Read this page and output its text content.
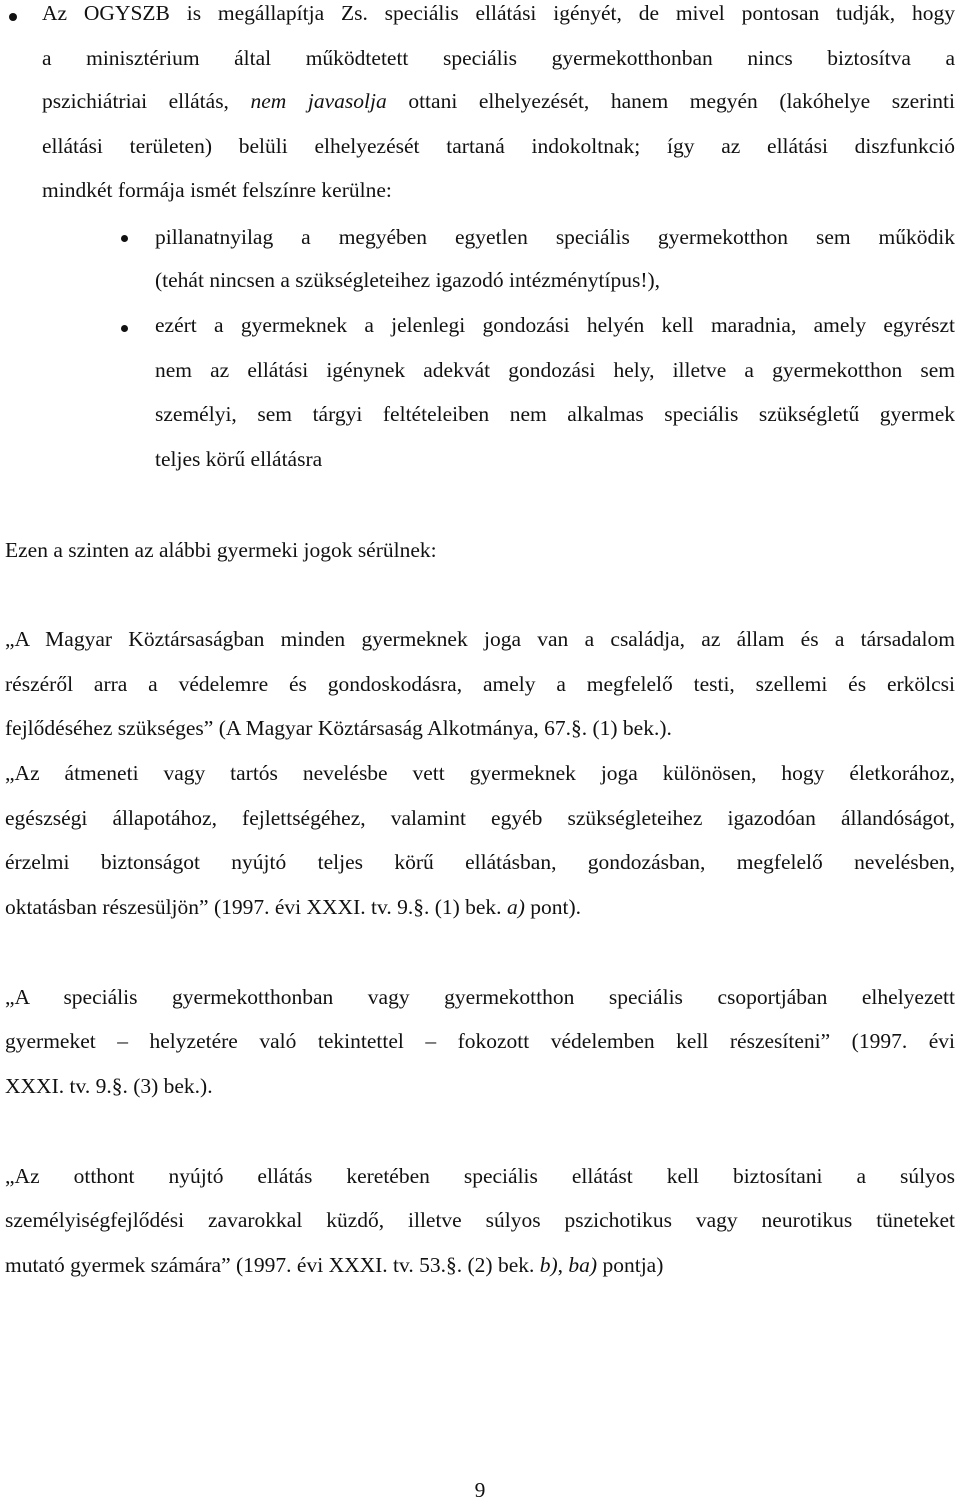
Az OGYSZB is megállapítja Zs. speciális ellátási igényét, de mivel pontosan tudják, hogy
a minisztérium által működtetett speciális gyermekotthonban nincs biztosítva a
pszichiátriai ellátás, nem javasolja ottani elhelyezését, hanem megyén (lakóhelye szerinti
ellátási területen) belüli elhelyezését tartaná indokoltnak; így az ellátási diszfunkció
mindkét formája ismét felszínre kerülne:
pillanatnyilag a megyében egyetlen speciális gyermekotthon sem működik
(tehát nincsen a szükségleteihez igazodó intézménytípus!),
ezért a gyermeknek a jelenlegi gondozási helyén kell maradnia, amely egyrészt
nem az ellátási igénynek adekvát gondozási hely, illetve a gyermekotthon sem
személyi, sem tárgyi feltételeiben nem alkalmas speciális szükségletű gyermek
teljes körű ellátásra
Ezen a szinten az alábbi gyermeki jogok sérülnek:
„A Magyar Köztársaságban minden gyermeknek joga van a családja, az állam és a társadalom
részéről arra a védelemre és gondoskodásra, amely a megfelelő testi, szellemi és erkölcsi
fejlődéséhez szükséges” (A Magyar Köztársaság Alkotmánya, 67.§. (1) bek.).
„Az átmeneti vagy tartós nevelésbe vett gyermeknek joga különösen, hogy életkorához,
egészségi állapotához, fejlettségéhez, valamint egyéb szükségleteihez igazodóan állandóságot,
érzelmi biztonságot nyújtó teljes körű ellátásban, gondozásban, megfelelő nevelésben,
oktatásban részesüljön” (1997. évi XXXI. tv. 9.§. (1) bek. a) pont).
„A speciális gyermekotthonban vagy gyermekotthon speciális csoportjában elhelyezett
gyermeket – helyzetére való tekintettel – fokozott védelemben kell részesíteni” (1997. évi
XXXI. tv. 9.§. (3) bek.).
„Az otthont nyújtó ellátás keretében speciális ellátást kell biztosítani a súlyos
személyiségfejlődési zavarokkal küzdő, illetve súlyos pszichotikus vagy neurotikus tüneteket
mutató gyermek számára” (1997. évi XXXI. tv. 53.§. (2) bek. b), ba) pontja)
9
